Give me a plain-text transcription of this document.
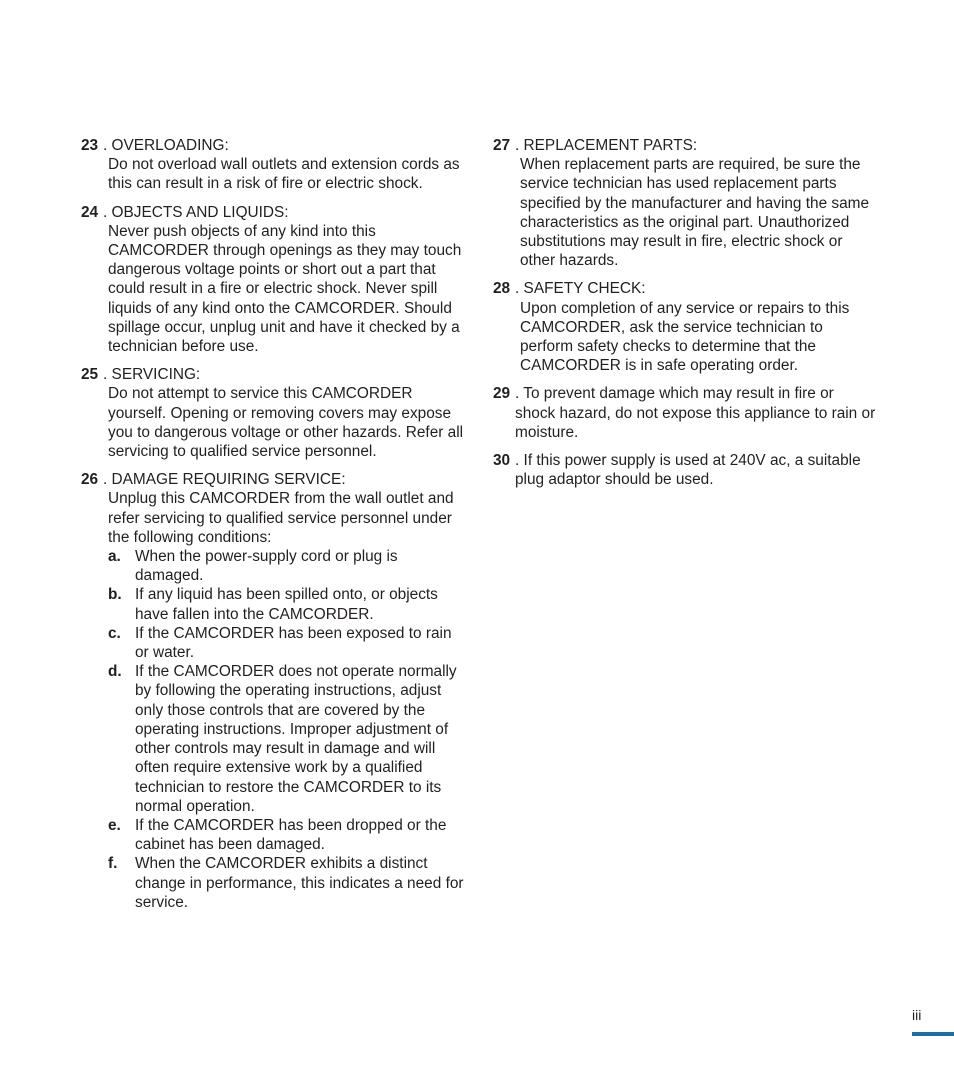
23 . OVERLOADING:
Do not overload wall outlets and extension cords as this can result in a risk of fire or electric shock.
24 . OBJECTS AND LIQUIDS:
Never push objects of any kind into this CAMCORDER through openings as they may touch dangerous voltage points or short out a part that could result in a fire or electric shock. Never spill liquids of any kind onto the CAMCORDER. Should spillage occur, unplug unit and have it checked by a technician before use.
25 . SERVICING:
Do not attempt to service this CAMCORDER yourself. Opening or removing covers may expose you to dangerous voltage or other hazards. Refer all servicing to qualified service personnel.
26 . DAMAGE REQUIRING SERVICE:
Unplug this CAMCORDER from the wall outlet and refer servicing to qualified service personnel under the following conditions:
a. When the power-supply cord or plug is damaged.
b. If any liquid has been spilled onto, or objects have fallen into the CAMCORDER.
c. If the CAMCORDER has been exposed to rain or water.
d. If the CAMCORDER does not operate normally by following the operating instructions, adjust only those controls that are covered by the operating instructions. Improper adjustment of other controls may result in damage and will often require extensive work by a qualified technician to restore the CAMCORDER to its normal operation.
e. If the CAMCORDER has been dropped or the cabinet has been damaged.
f. When the CAMCORDER exhibits a distinct change in performance, this indicates a need for service.
27 . REPLACEMENT PARTS:
When replacement parts are required, be sure the service technician has used replacement parts specified by the manufacturer and having the same characteristics as the original part. Unauthorized substitutions may result in fire, electric shock or other hazards.
28 . SAFETY CHECK:
Upon completion of any service or repairs to this CAMCORDER, ask the service technician to perform safety checks to determine that the CAMCORDER is in safe operating order.
29 . To prevent damage which may result in fire or shock hazard, do not expose this appliance to rain or moisture.
30 . If this power supply is used at 240V ac, a suitable plug adaptor should be used.
iii
